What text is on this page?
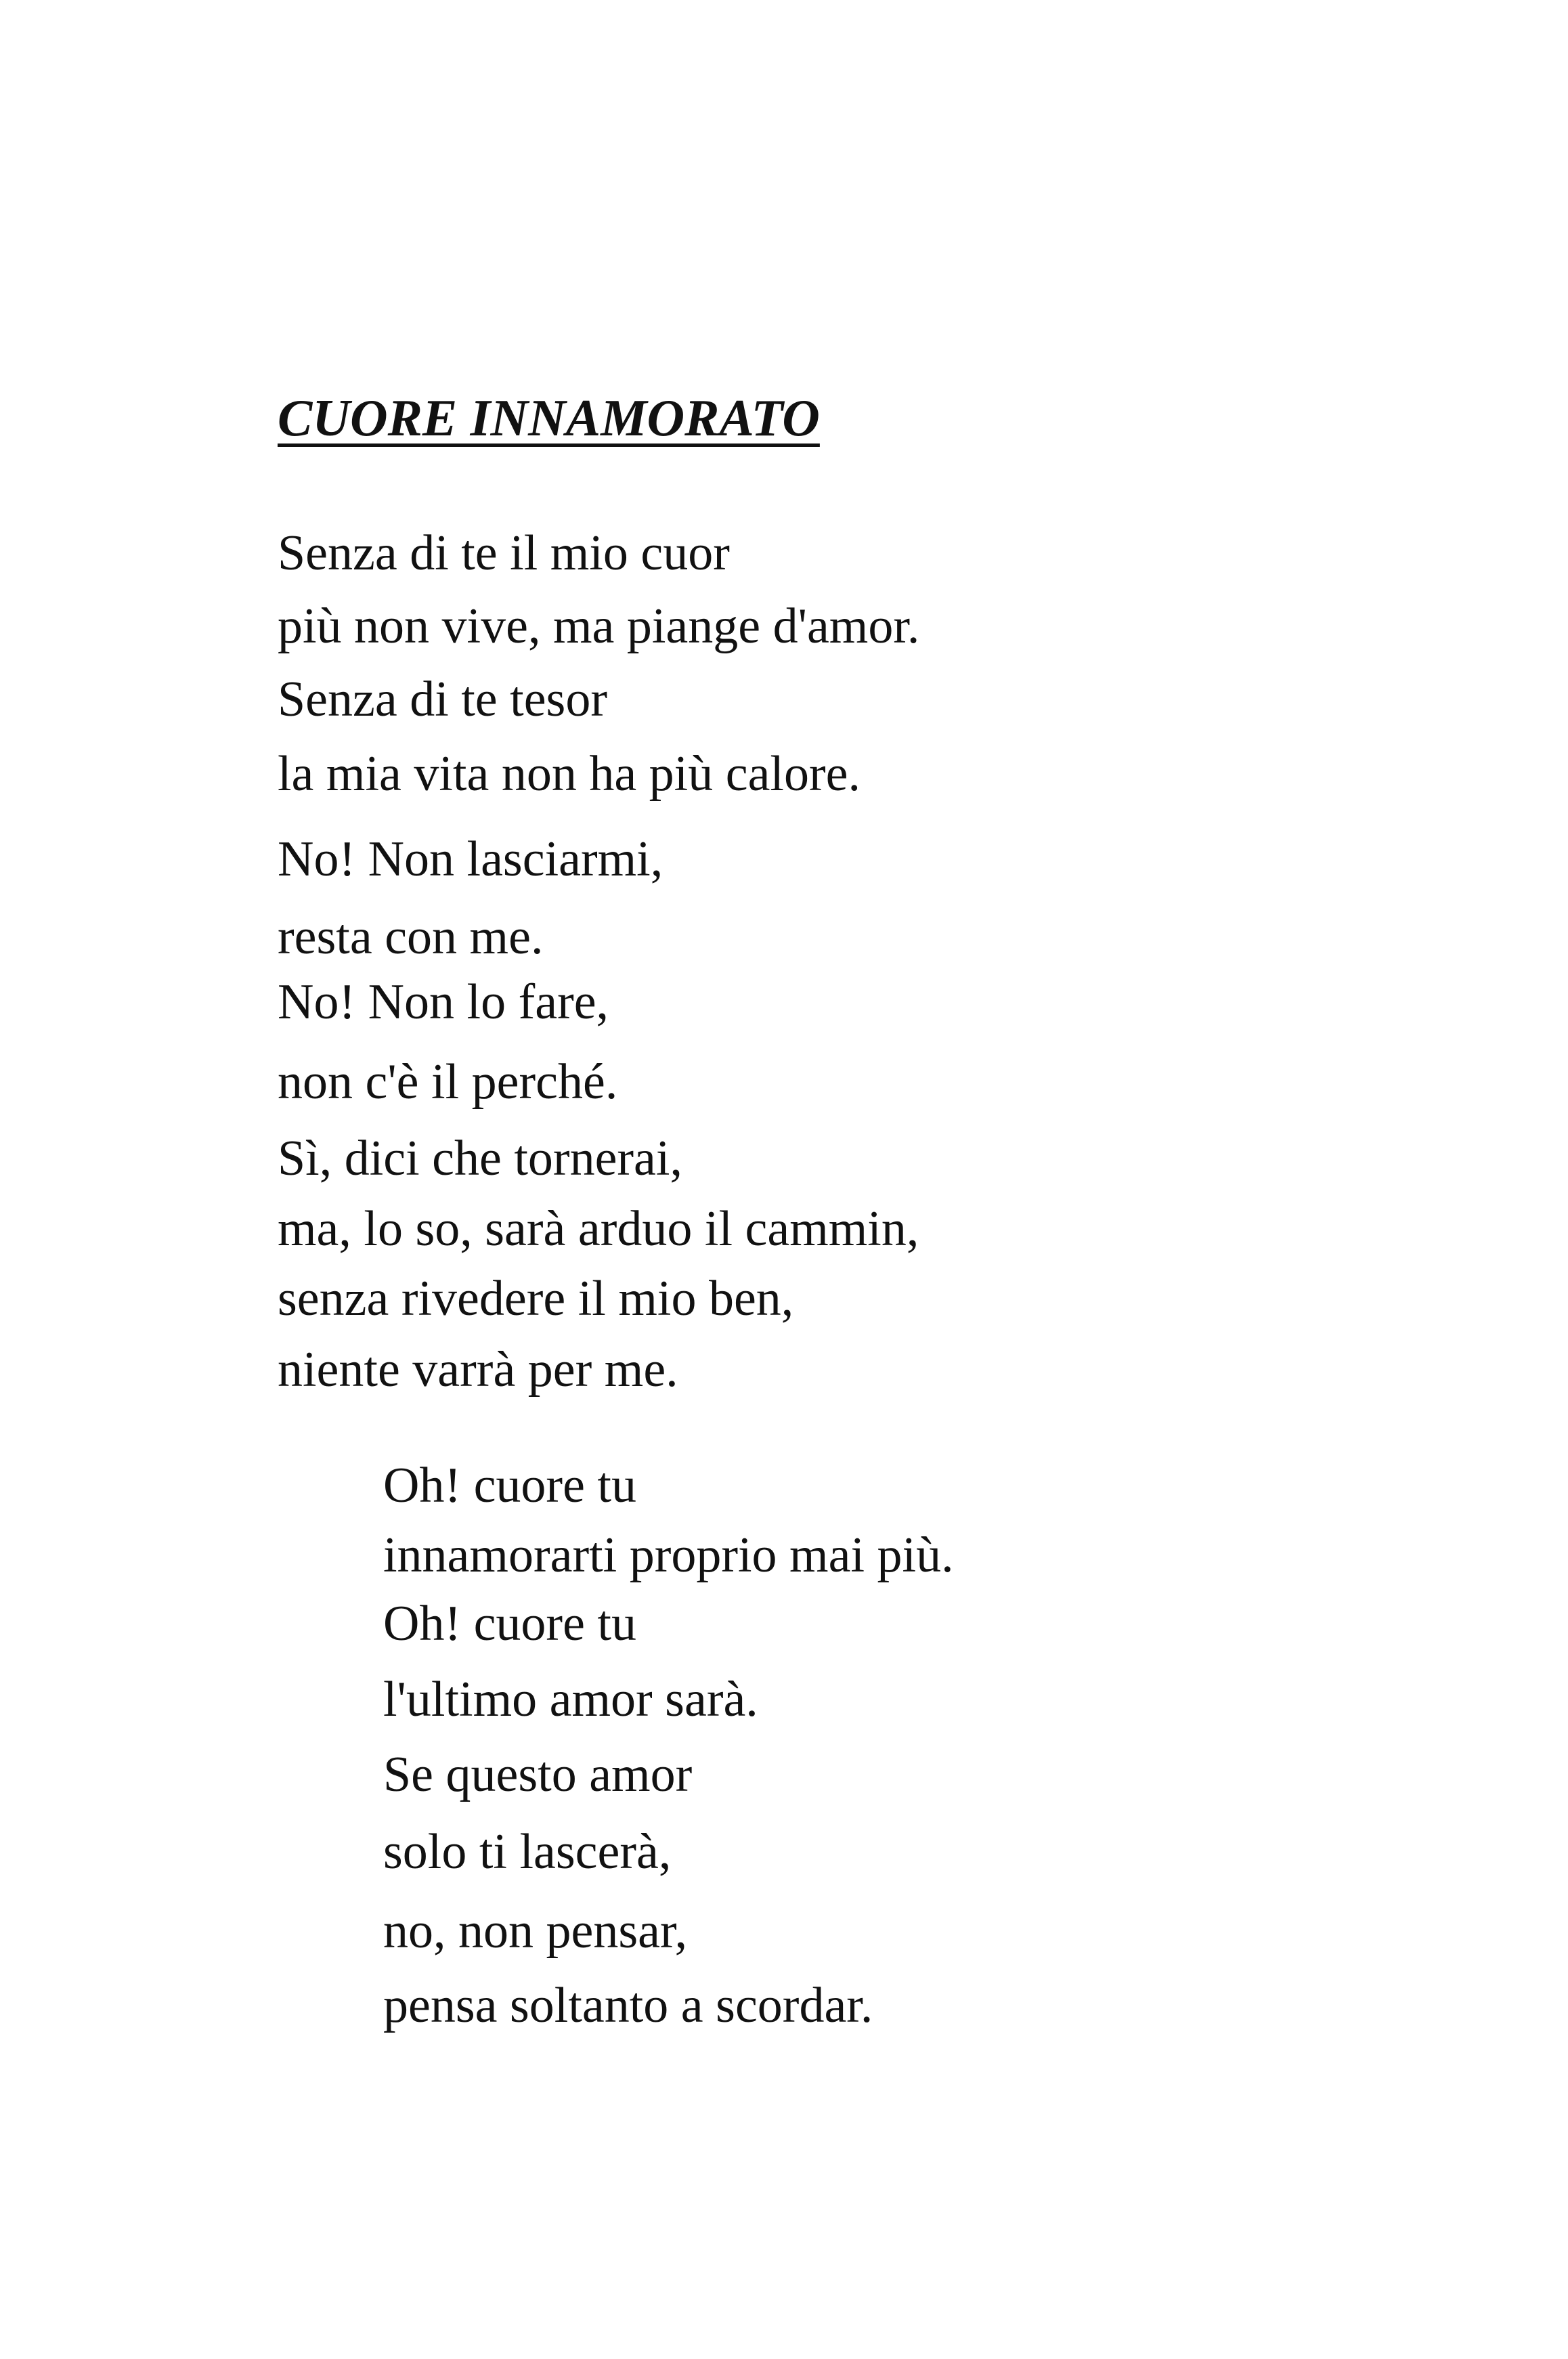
CUORE INNAMORATO

Senza di te il mio cuor

più non vive, ma piange d'amor.

Senza di te tesor

la mia vita non ha più calore.

No! Non lasciarmi,

resta con me.

No! Non lo fare,

non c'è il perché.

Sì, dici che tornerai,

ma, lo so, sarà arduo il cammin,

senza rivedere il mio ben,

niente varrà per me.

Oh! cuore tu

innamorarti proprio mai più.

Oh! cuore tu

l'ultimo amor sarà.

Se questo amor

solo ti lascerà,

no, non pensar,

pensa soltanto a scordar.
